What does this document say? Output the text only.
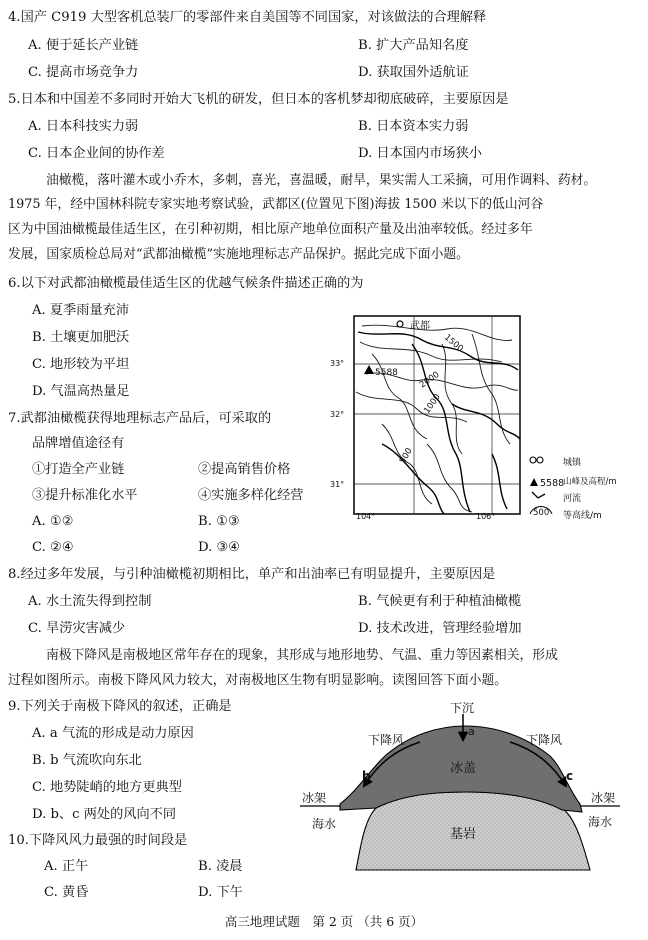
4.国产 C919 大型客机总装厂的零部件来自美国等不同国家，对该做法的合理解释
A. 便于延长产业链	B. 扩大产品知名度
C. 提高市场竞争力	D. 获取国外适航证
5.日本和中国差不多同时开始大飞机的研发，但日本的客机梦却彻底破碎，主要原因是
A. 日本科技实力弱	B. 日本资本实力弱
C. 日本企业间的协作差	D. 日本国内市场狭小
油橄榄，落叶灌木或小乔木，多刺，喜光，喜温暖，耐旱，果实需人工采摘，可用作调料、药材。
1975 年，经中国林科院专家实地考察试验，武都区(位置见下图)海拔 1500 米以下的低山河谷
区为中国油橄榄最佳适生区，在引种初期，相比原产地单位面积产量及出油率较低。经过多年
发展，国家质检总局对“武都油橄榄”实施地理标志产品保护。据此完成下面小题。
6.以下对武都油橄榄最佳适生区的优越气候条件描述正确的为
A. 夏季雨量充沛
B. 土壤更加肥沃
C. 地形较为平坦
D. 气温高热量足
7.武都油橄榄获得地理标志产品后，可采取的
品牌增值途径有
①打造全产业链	②提高销售价格
③提升标准化水平	④实施多样化经营
A. ①②	B. ①③
C. ②④	D. ③④
武都
5588
1500
2000
1000
500
33°
32°
31°
104°	106°
城镇
5588
山峰及高程/m
河流
500 等高线/m
8.经过多年发展，与引种油橄榄初期相比，单产和出油率已有明显提升，主要原因是
A. 水土流失得到控制	B. 气候更有利于种植油橄榄
C. 旱涝灾害减少	D. 技术改进，管理经验增加
南极下降风是南极地区常年存在的现象，其形成与地形地势、气温、重力等因素相关，形成
过程如图所示。南极下降风风力较大，对南极地区生物有明显影响。读图回答下面小题。
9.下列关于南极下降风的叙述，正确是
A. a 气流的形成是动力原因
B. b 气流吹向东北
C. 地势陡峭的地方更典型
D. b、c 两处的风向不同
10.下降风风力最强的时间段是
A. 正午	B. 凌晨
C. 黄昏	D. 下午
下沉
a
下降风
b
下降风
c
冰盖
冰架	冰架
海水	海水
基岩
高三地理试题　第 2 页 （共 6 页）
